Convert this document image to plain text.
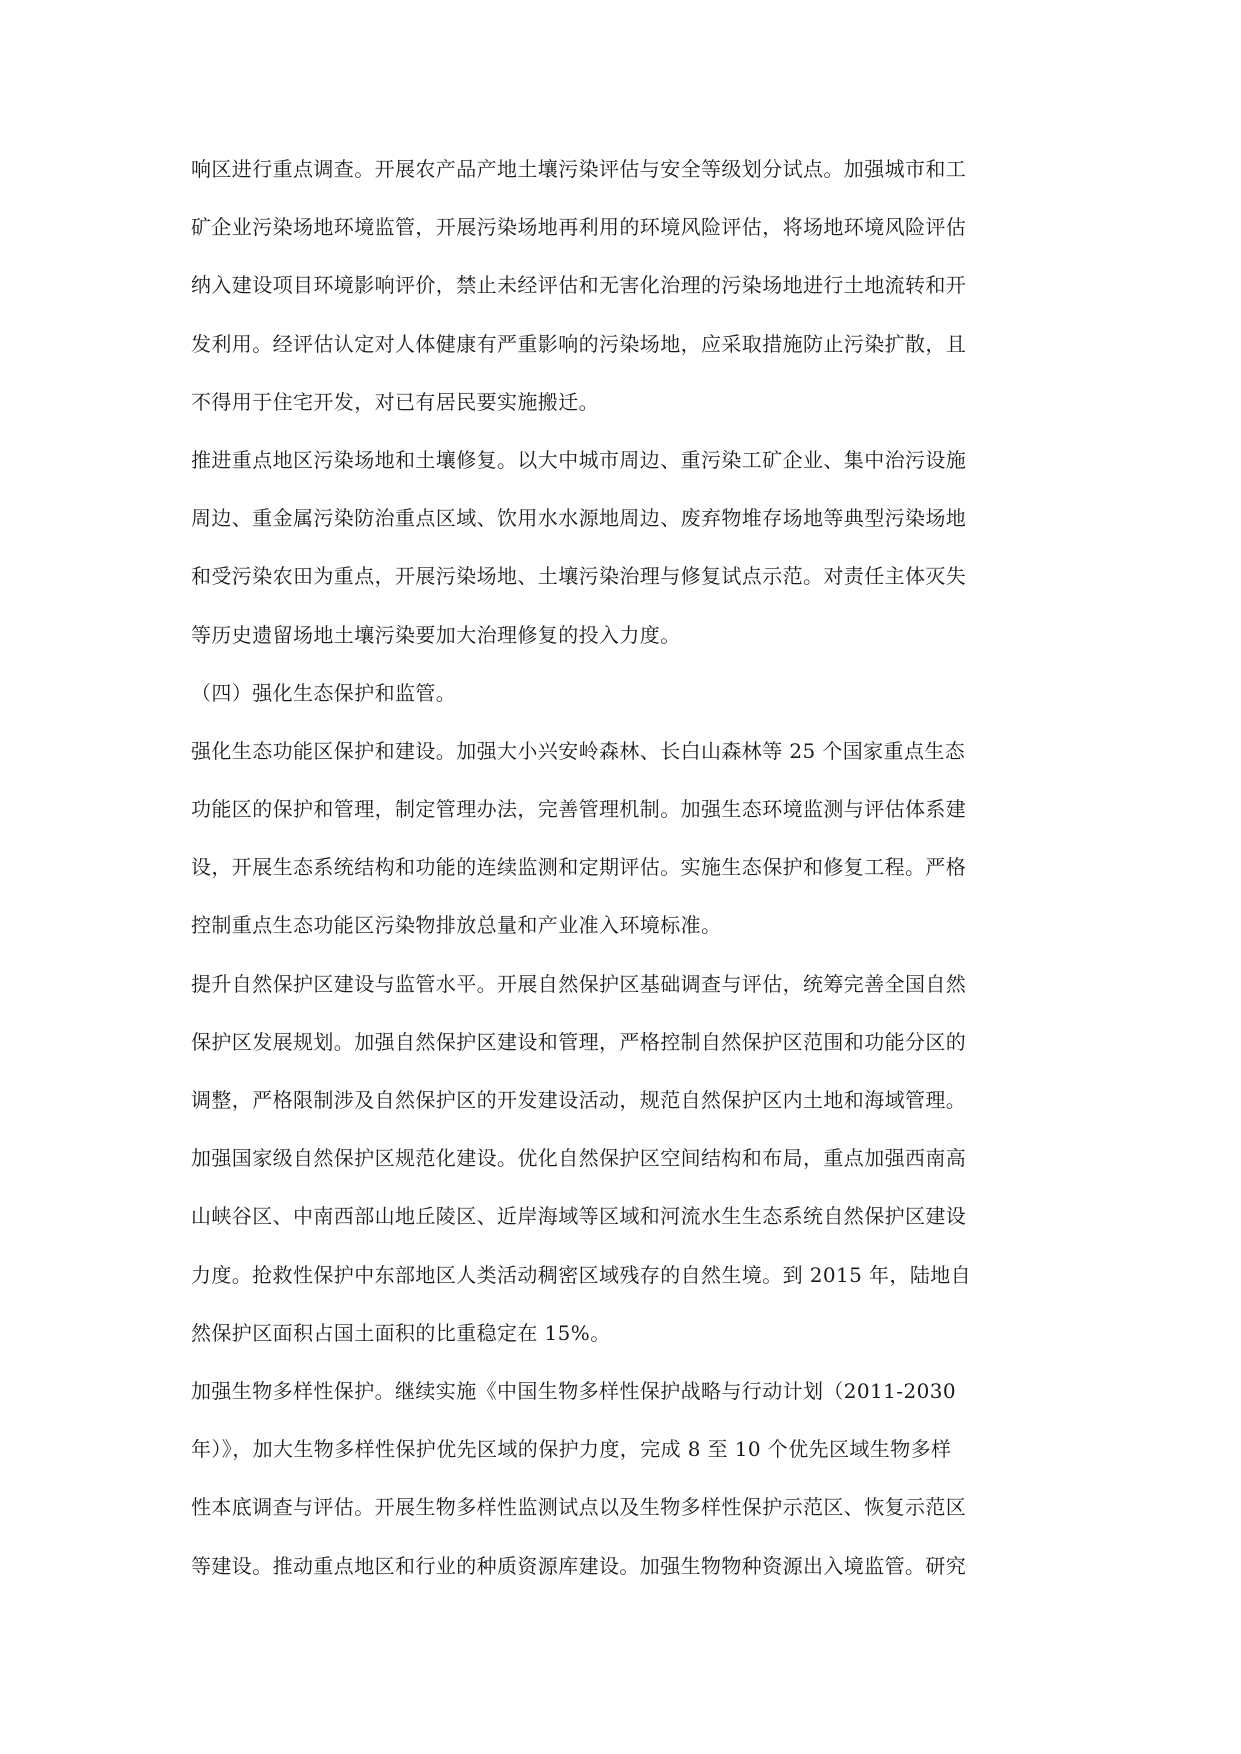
响区进行重点调查。开展农产品产地土壤污染评估与安全等级划分试点。加强城市和工
矿企业污染场地环境监管，开展污染场地再利用的环境风险评估，将场地环境风险评估
纳入建设项目环境影响评价，禁止未经评估和无害化治理的污染场地进行土地流转和开
发利用。经评估认定对人体健康有严重影响的污染场地，应采取措施防止污染扩散，且
不得用于住宅开发，对已有居民要实施搬迁。
推进重点地区污染场地和土壤修复。以大中城市周边、重污染工矿企业、集中治污设施
周边、重金属污染防治重点区域、饮用水水源地周边、废弃物堆存场地等典型污染场地
和受污染农田为重点，开展污染场地、土壤污染治理与修复试点示范。对责任主体灭失
等历史遗留场地土壤污染要加大治理修复的投入力度。
（四）强化生态保护和监管。
强化生态功能区保护和建设。加强大小兴安岭森林、长白山森林等 25 个国家重点生态
功能区的保护和管理，制定管理办法，完善管理机制。加强生态环境监测与评估体系建
设，开展生态系统结构和功能的连续监测和定期评估。实施生态保护和修复工程。严格
控制重点生态功能区污染物排放总量和产业准入环境标准。
提升自然保护区建设与监管水平。开展自然保护区基础调查与评估，统筹完善全国自然
保护区发展规划。加强自然保护区建设和管理，严格控制自然保护区范围和功能分区的
调整，严格限制涉及自然保护区的开发建设活动，规范自然保护区内土地和海域管理。
加强国家级自然保护区规范化建设。优化自然保护区空间结构和布局，重点加强西南高
山峡谷区、中南西部山地丘陵区、近岸海域等区域和河流水生生态系统自然保护区建设
力度。抢救性保护中东部地区人类活动稠密区域残存的自然生境。到 2015 年，陆地自
然保护区面积占国土面积的比重稳定在 15%。
加强生物多样性保护。继续实施《中国生物多样性保护战略与行动计划（2011-2030
年）》，加大生物多样性保护优先区域的保护力度，完成 8 至 10 个优先区域生物多样
性本底调查与评估。开展生物多样性监测试点以及生物多样性保护示范区、恢复示范区
等建设。推动重点地区和行业的种质资源库建设。加强生物物种资源出入境监管。研究
